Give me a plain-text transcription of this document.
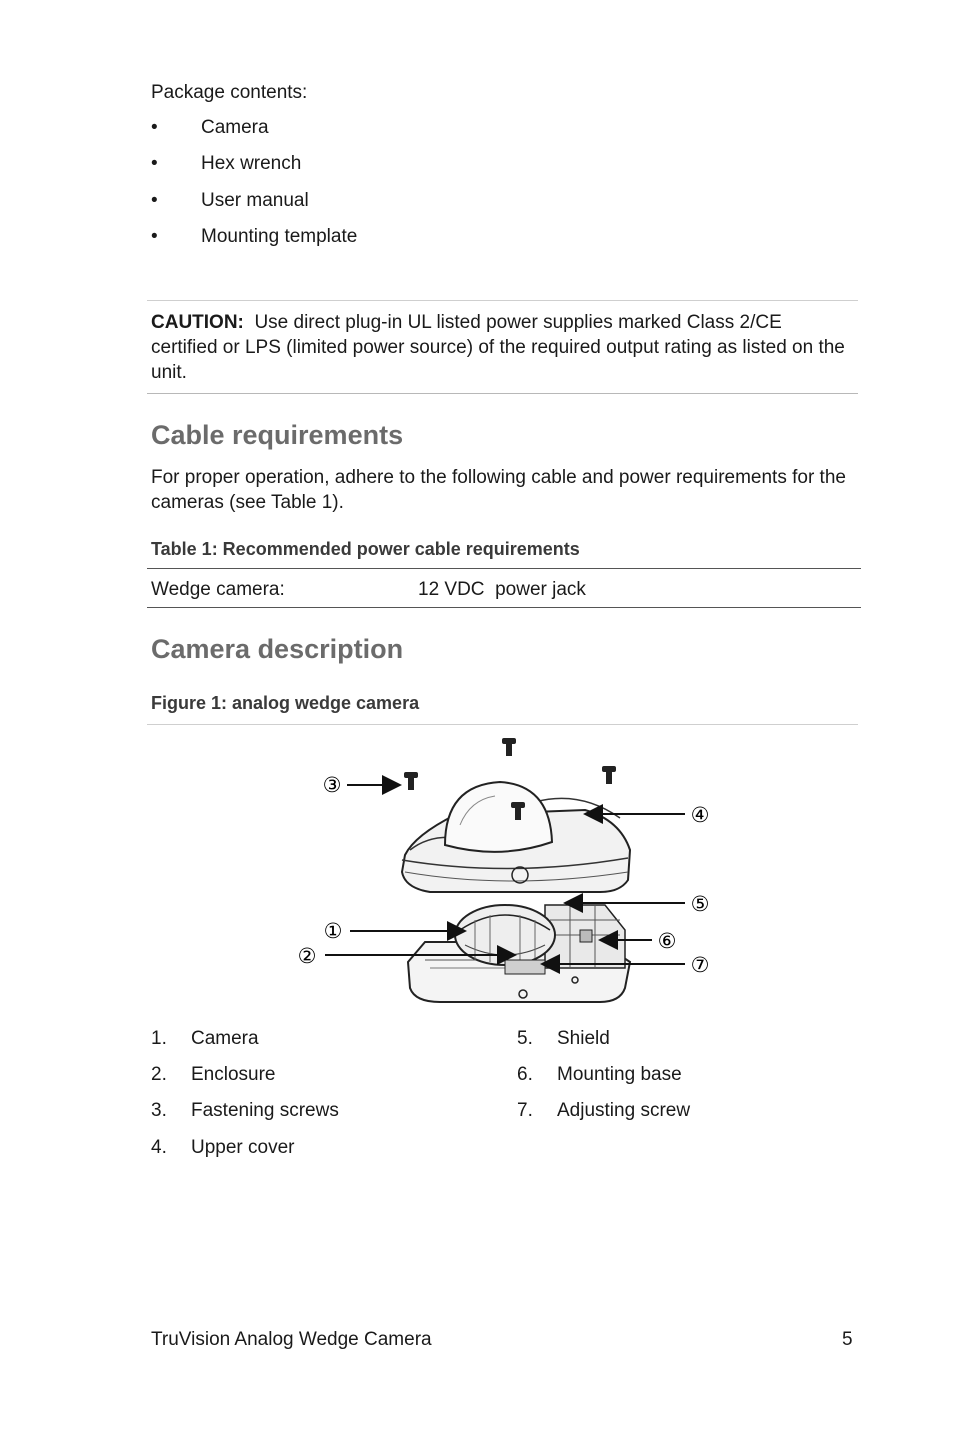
Package contents:
•	Camera
•	Hex wrench
•	User manual
•	Mounting template
CAUTION: Use direct plug-in UL listed power supplies marked Class 2/CE certified or LPS (limited power source) of the required output rating as listed on the unit.
Cable requirements
For proper operation, adhere to the following cable and power requirements for the cameras (see Table 1).
Table 1: Recommended power cable requirements
Wedge camera:	12 VDC  power jack
Camera description
Figure 1: analog wedge camera
③
④
⑤
①	⑥
②	⑦
1. Camera
2. Enclosure
3. Fastening screws
4. Upper cover
5. Shield
6. Mounting base
7. Adjusting screw
TruVision Analog Wedge Camera	5
